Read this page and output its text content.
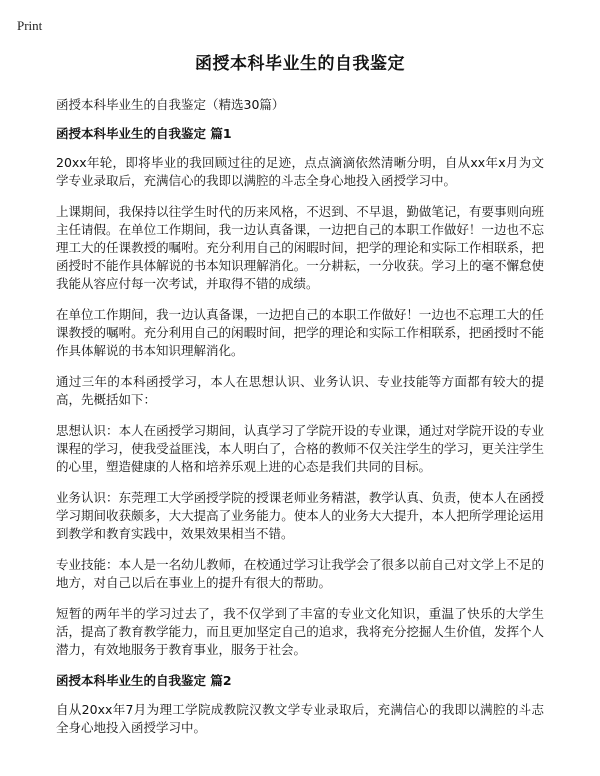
Print
函授本科毕业生的自我鉴定

函授本科毕业生的自我鉴定（精选30篇）

函授本科毕业生的自我鉴定 篇1

20xx年轮，即将毕业的我回顾过往的足迹，点点滴滴依然清晰分明，自从xx年x月为文学专业录取后，充满信心的我即以满腔的斗志全身心地投入函授学习中。

上课期间，我保持以往学生时代的历来风格，不迟到、不早退，勤做笔记，有要事则向班主任请假。在单位工作期间，我一边认真备课，一边把自己的本职工作做好！一边也不忘理工大的任课教授的嘱咐。充分利用自己的闲暇时间，把学的理论和实际工作相联系，把函授时不能作具体解说的书本知识理解消化。一分耕耘，一分收获。学习上的毫不懈怠使我能从容应付每一次考试，并取得不错的成绩。

在单位工作期间，我一边认真备课，一边把自己的本职工作做好！一边也不忘理工大的任课教授的嘱咐。充分利用自己的闲暇时间，把学的理论和实际工作相联系，把函授时不能作具体解说的书本知识理解消化。

通过三年的本科函授学习，本人在思想认识、业务认识、专业技能等方面都有较大的提高，先概括如下：

思想认识：本人在函授学习期间，认真学习了学院开设的专业课，通过对学院开设的专业课程的学习，使我受益匪浅，本人明白了，合格的教师不仅关注学生的学习，更关注学生的心里，塑造健康的人格和培养乐观上进的心态是我们共同的目标。

业务认识：东莞理工大学函授学院的授课老师业务精湛，教学认真、负责，使本人在函授学习期间收获颇多，大大提高了业务能力。使本人的业务大大提升，本人把所学理论运用到教学和教育实践中，效果效果相当不错。

专业技能：本人是一名幼儿教师，在校通过学习让我学会了很多以前自己对文学上不足的地方，对自己以后在事业上的提升有很大的帮助。

短暂的两年半的学习过去了，我不仅学到了丰富的专业文化知识，重温了快乐的大学生活，提高了教育教学能力，而且更加坚定自己的追求，我将充分挖掘人生价值，发挥个人潜力，有效地服务于教育事业，服务于社会。

函授本科毕业生的自我鉴定 篇2

自从20xx年7月为理工学院成教院汉教文学专业录取后，充满信心的我即以满腔的斗志全身心地投入函授学习中。
